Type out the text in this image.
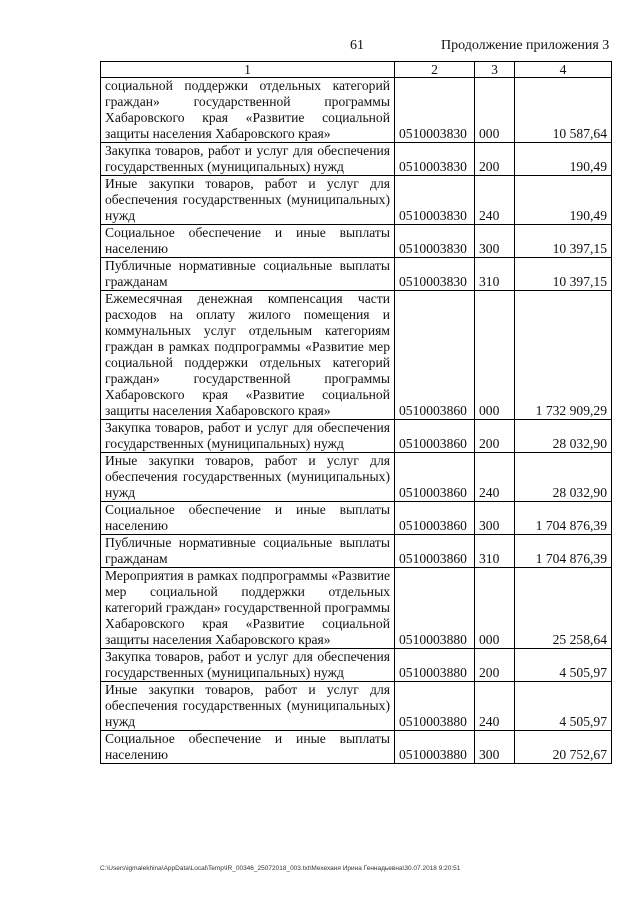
61	Продолжение приложения 3
1	2	3	4
социальной поддержки отдельных категорий граждан» государственной программы Хабаровского края «Развитие социальной защиты населения Хабаровского края»	0510003830	000	10 587,64
Закупка товаров, работ и услуг для обеспечения государственных (муниципальных) нужд	0510003830	200	190,49
Иные закупки товаров, работ и услуг для обеспечения государственных (муниципальных) нужд	0510003830	240	190,49
Социальное обеспечение и иные выплаты населению	0510003830	300	10 397,15
Публичные нормативные социальные выплаты гражданам	0510003830	310	10 397,15
Ежемесячная денежная компенсация части расходов на оплату жилого помещения и коммунальных услуг отдельным категориям граждан в рамках подпрограммы «Развитие мер социальной поддержки отдельных категорий граждан» государственной программы Хабаровского края «Развитие социальной защиты населения Хабаровского края»	0510003860	000	1 732 909,29
Закупка товаров, работ и услуг для обеспечения государственных (муниципальных) нужд	0510003860	200	28 032,90
Иные закупки товаров, работ и услуг для обеспечения государственных (муниципальных) нужд	0510003860	240	28 032,90
Социальное обеспечение и иные выплаты населению	0510003860	300	1 704 876,39
Публичные нормативные социальные выплаты гражданам	0510003860	310	1 704 876,39
Мероприятия в рамках подпрограммы «Развитие мер социальной поддержки отдельных категорий граждан» государственной программы Хабаровского края «Развитие социальной защиты населения Хабаровского края»	0510003880	000	25 258,64
Закупка товаров, работ и услуг для обеспечения государственных (муниципальных) нужд	0510003880	200	4 505,97
Иные закупки товаров, работ и услуг для обеспечения государственных (муниципальных) нужд	0510003880	240	4 505,97
Социальное обеспечение и иные выплаты населению	0510003880	300	20 752,67
C:\Users\igmalekhina\AppData\Local\Temp\IR_00346_25072018_003.txt\Мехеханя Ирина Геннадьевна\30.07.2018 9:20:51
